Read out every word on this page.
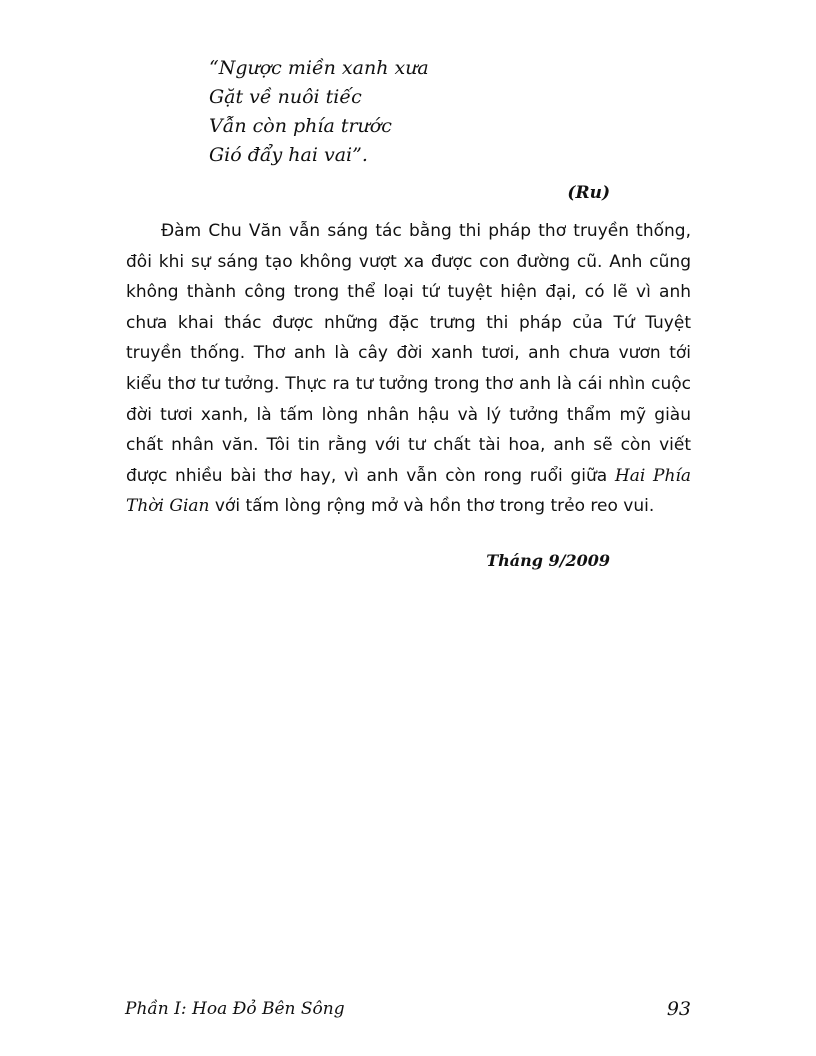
“Ngược miền xanh xưa
Gặt về nuôi tiếc
Vẫn còn phía trước
Gió đẩy hai vai”.
(Ru)

Đàm Chu Văn vẫn sáng tác bằng thi pháp thơ truyền thống, đôi khi sự sáng tạo không vượt xa được con đường cũ. Anh cũng không thành công trong thể loại tứ tuyệt hiện đại, có lẽ vì anh chưa khai thác được những đặc trưng thi pháp của Tứ Tuyệt truyền thống. Thơ anh là cây đời xanh tươi, anh chưa vươn tới kiểu thơ tư tưởng. Thực ra tư tưởng trong thơ anh là cái nhìn cuộc đời tươi xanh, là tấm lòng nhân hậu và lý tưởng thẩm mỹ giàu chất nhân văn. Tôi tin rằng với tư chất tài hoa, anh sẽ còn viết được nhiều bài thơ hay, vì anh vẫn còn rong ruổi giữa Hai Phía Thời Gian với tấm lòng rộng mở và hồn thơ trong trẻo reo vui.

Tháng 9/2009
Phần I: Hoa Đỏ Bên Sông	93
